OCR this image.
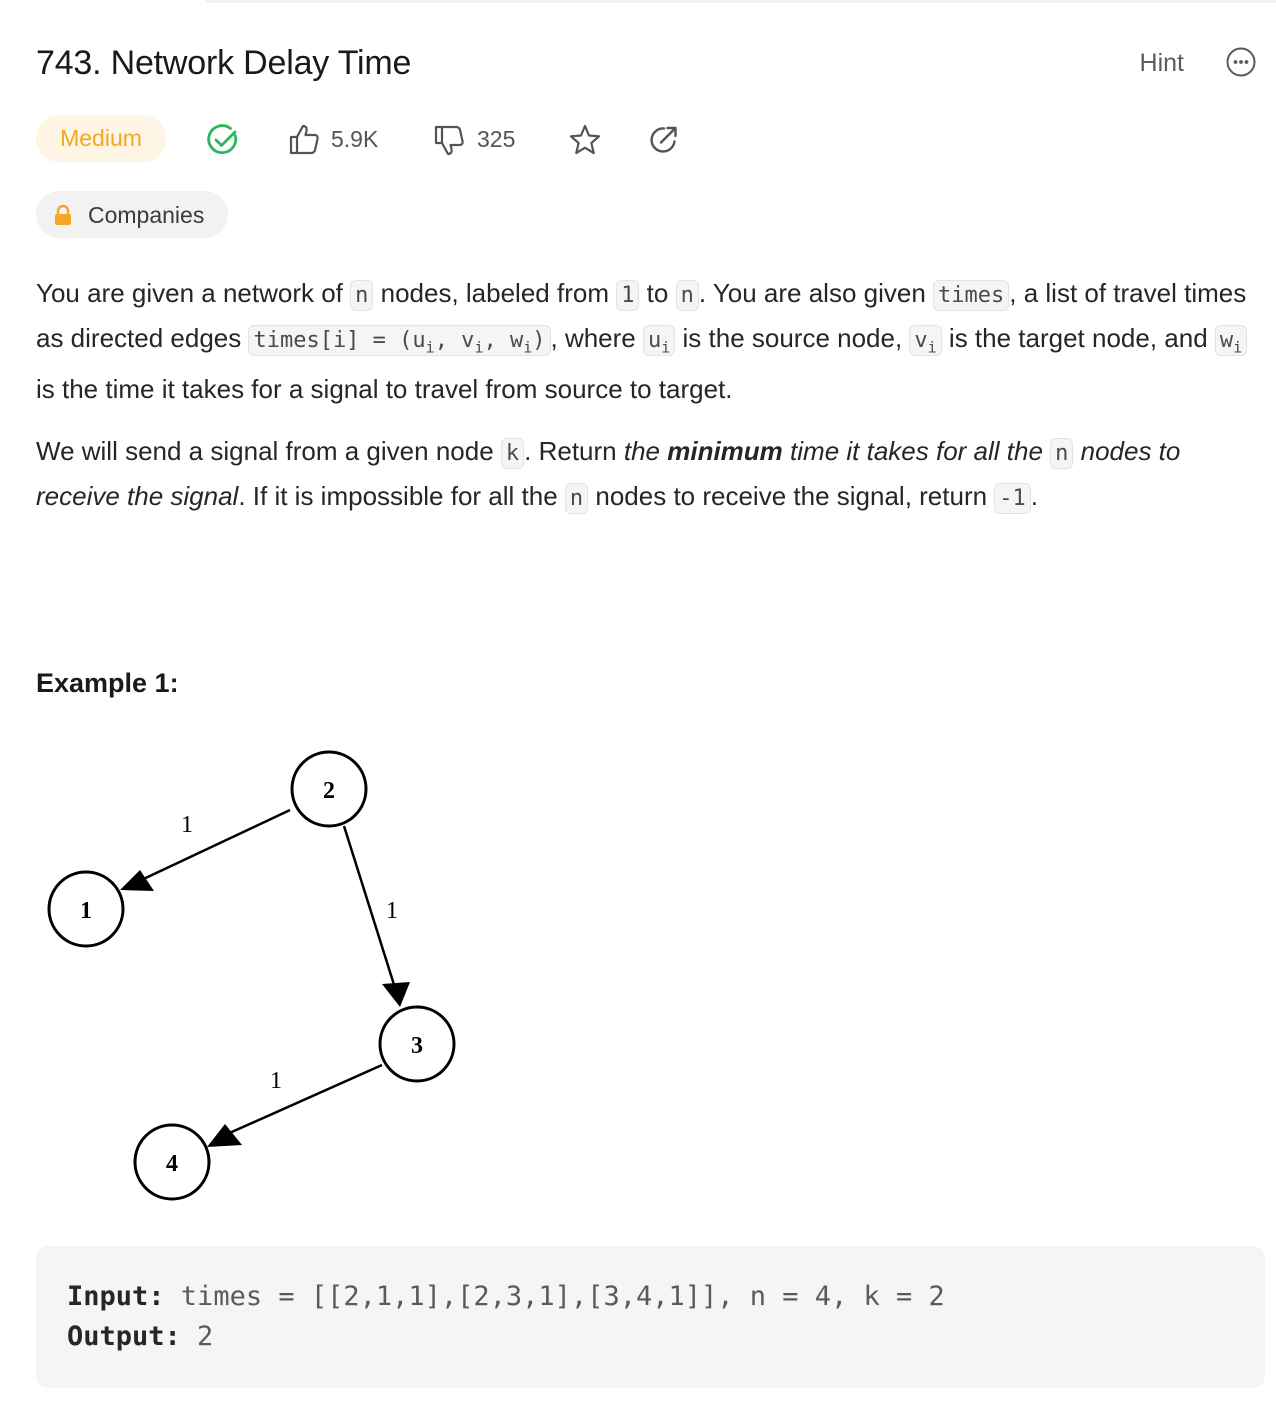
743. Network Delay Time	Hint
Medium	5.9K	325
Companies

You are given a network of n nodes, labeled from 1 to n . You are also given times , a list of travel times as directed edges times[i] = ($u_i$, $v_i$, $w_i$) , where $u_i$ is the source node, $v_i$ is the target node, and $w_i$ is the time it takes for a signal to travel from source to target.

We will send a signal from a given node k . Return the minimum time it takes for all the n nodes to receive the signal. If it is impossible for all the n nodes to receive the signal, return -1 .

Example 1:
1
2
3
4
1
1
1
Input: times = [[2,1,1],[2,3,1],[3,4,1]], n = 4, k = 2
Output: 2
